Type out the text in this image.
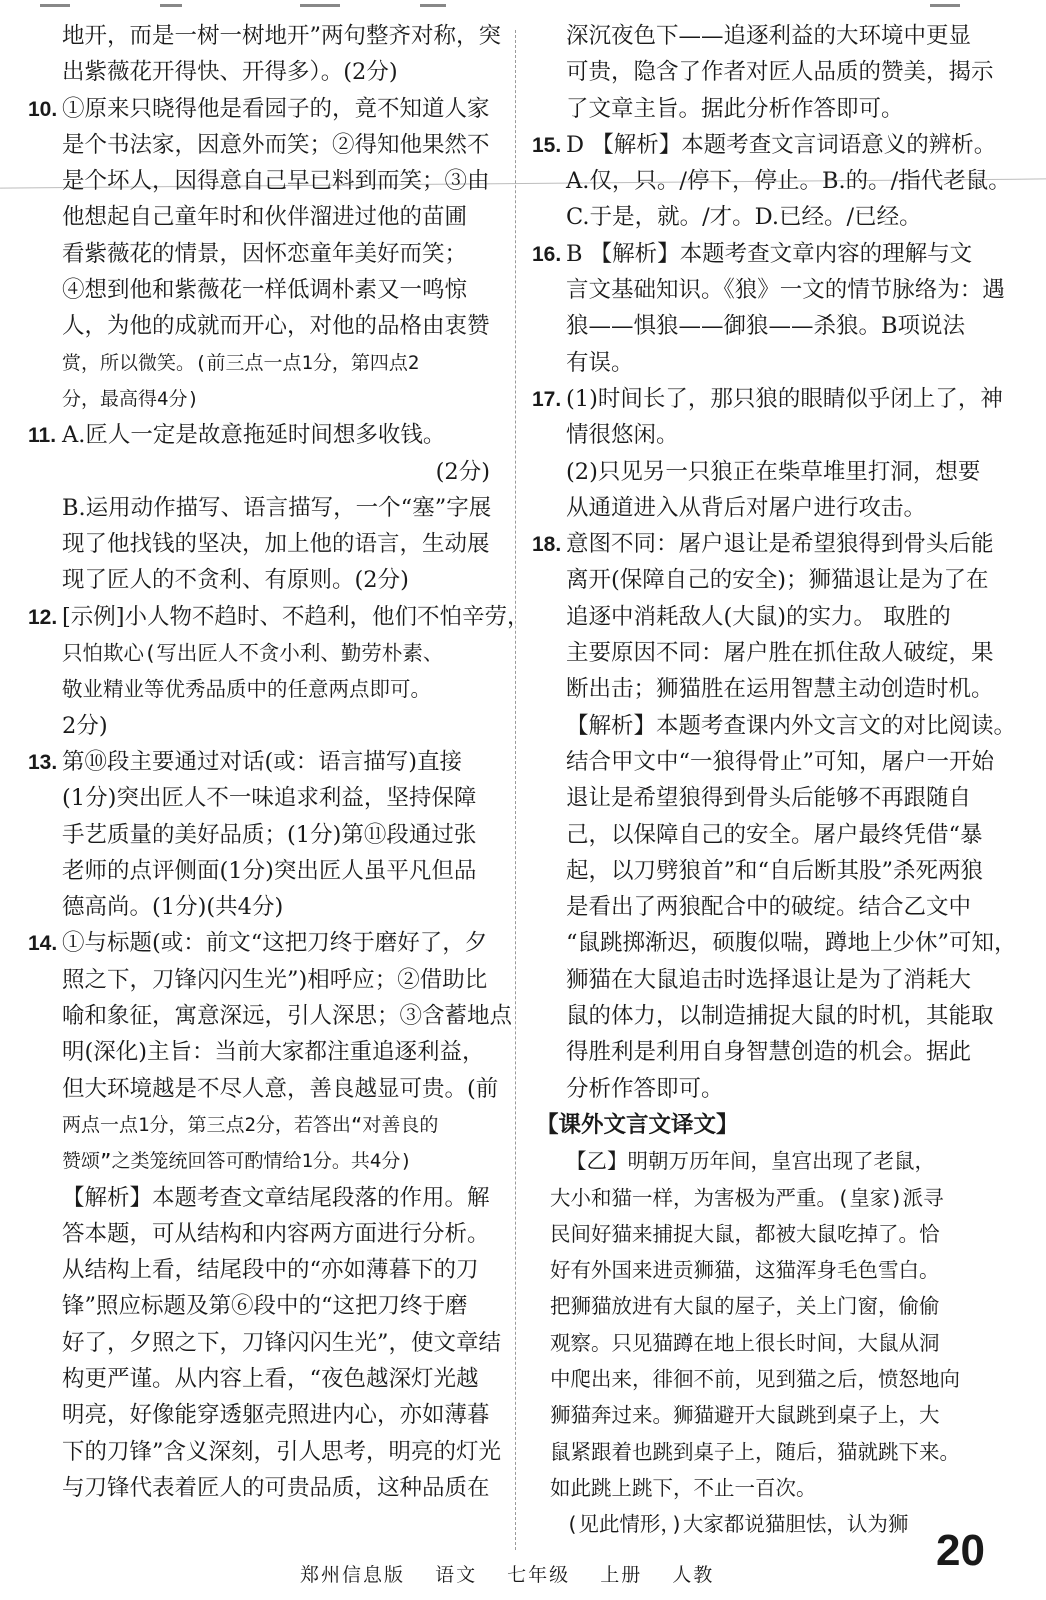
地开，而是一树一树地开”两句整齐对称，突
出紫薇花开得快、开得多）。(2分)
10. ①原来只晓得他是看园子的，竟不知道人家
是个书法家，因意外而笑；②得知他果然不
是个坏人，因得意自己早已料到而笑；③由
他想起自己童年时和伙伴溜进过他的苗圃
看紫薇花的情景，因怀恋童年美好而笑；
④想到他和紫薇花一样低调朴素又一鸣惊
人，为他的成就而开心，对他的品格由衷赞
赏，所以微笑。(前三点一点1分，第四点2
分，最高得4分)
11. A.匠人一定是故意拖延时间想多收钱。
(2分)
B.运用动作描写、语言描写，一个“塞”字展
现了他找钱的坚决，加上他的语言，生动展
现了匠人的不贪利、有原则。(2分)
12. [示例]小人物不趋时、不趋利，他们不怕辛劳，
只怕欺心(写出匠人不贪小利、勤劳朴素、
敬业精业等优秀品质中的任意两点即可。
2分)
13. 第⑩段主要通过对话(或：语言描写)直接
(1分)突出匠人不一味追求利益，坚持保障
手艺质量的美好品质；(1分)第⑪段通过张
老师的点评侧面(1分)突出匠人虽平凡但品
德高尚。(1分)(共4分)
14. ①与标题(或：前文“这把刀终于磨好了，夕
照之下，刀锋闪闪生光”)相呼应；②借助比
喻和象征，寓意深远，引人深思；③含蓄地点
明(深化)主旨：当前大家都注重追逐利益，
但大环境越是不尽人意，善良越显可贵。(前
两点一点1分，第三点2分，若答出“对善良的
赞颂”之类笼统回答可酌情给1分。共4分)
【解析】本题考查文章结尾段落的作用。解
答本题，可从结构和内容两方面进行分析。
从结构上看，结尾段中的“亦如薄暮下的刀
锋”照应标题及第⑥段中的“这把刀终于磨
好了，夕照之下，刀锋闪闪生光”，使文章结
构更严谨。从内容上看，“夜色越深灯光越
明亮，好像能穿透躯壳照进内心，亦如薄暮
下的刀锋”含义深刻，引人思考，明亮的灯光
与刀锋代表着匠人的可贵品质，这种品质在
深沉夜色下——追逐利益的大环境中更显
可贵，隐含了作者对匠人品质的赞美，揭示
了文章主旨。据此分析作答即可。
15. D 【解析】本题考查文言词语意义的辨析。
A.仅，只。/停下，停止。B.的。/指代老鼠。
C.于是，就。/才。D.已经。/已经。
16. B 【解析】本题考查文章内容的理解与文
言文基础知识。《狼》一文的情节脉络为：遇
狼——惧狼——御狼——杀狼。B项说法
有误。
17. (1)时间长了，那只狼的眼睛似乎闭上了，神
情很悠闲。
(2)只见另一只狼正在柴草堆里打洞，想要
从通道进入从背后对屠户进行攻击。
18. 意图不同：屠户退让是希望狼得到骨头后能
离开(保障自己的安全)；狮猫退让是为了在
追逐中消耗敌人(大鼠)的实力。 取胜的
主要原因不同：屠户胜在抓住敌人破绽，果
断出击；狮猫胜在运用智慧主动创造时机。
【解析】本题考查课内外文言文的对比阅读。
结合甲文中“一狼得骨止”可知，屠户一开始
退让是希望狼得到骨头后能够不再跟随自
己，以保障自己的安全。屠户最终凭借“暴
起，以刀劈狼首”和“自后断其股”杀死两狼
是看出了两狼配合中的破绽。结合乙文中
“鼠跳掷渐迟，硕腹似喘，蹲地上少休”可知，
狮猫在大鼠追击时选择退让是为了消耗大
鼠的体力，以制造捕捉大鼠的时机，其能取
得胜利是利用自身智慧创造的机会。据此
分析作答即可。
【课外文言文译文】
【乙】明朝万历年间，皇宫出现了老鼠，
大小和猫一样，为害极为严重。(皇家)派寻
民间好猫来捕捉大鼠，都被大鼠吃掉了。恰
好有外国来进贡狮猫，这猫浑身毛色雪白。
把狮猫放进有大鼠的屋子，关上门窗，偷偷
观察。只见猫蹲在地上很长时间，大鼠从洞
中爬出来，徘徊不前，见到猫之后，愤怒地向
狮猫奔过来。狮猫避开大鼠跳到桌子上，大
鼠紧跟着也跳到桌子上，随后，猫就跳下来。
如此跳上跳下，不止一百次。
(见此情形，)大家都说猫胆怯，认为狮
郑州信息版 语文 七年级 上册 人教	20
